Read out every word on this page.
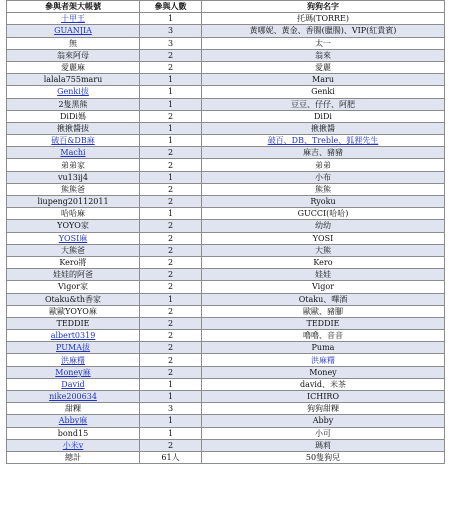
參與者架大帳號	參與人數	狗狗名字
十甲王	1	托瑪(TORRE)
GUANJIA	3	黃哪妮、黃金、香腸(臘腸)、VIP(紅貴賓)
無	3	太一
翁來阿母	2	翁來
愛麗麻	2	愛麗
lalala755maru	1	Maru
Genki拔	1	Genki
2隻黑熊	1	豆豆、仔仔、阿肥
DiDi媽	2	DiDi
揪揪醬拔	1	揪揪醬
破百&DB麻	1	破百、DB、Treble、狐狸先生
Machi	2	麻吉、豬豬
弟弟家	2	弟弟
vu13ij4	1	小布
熊熊爸	2	熊熊
liupeng20112011	2	Ryoku
哈哈麻	1	GUCCI(哈哈)
YOYO家	2	幼幼
YOSI麻	2	YOSI
大熊爸	2	大熊
Kero將	2	Kero
娃娃的阿爸	2	娃娃
Vigor家	2	Vigor
Otaku&th香家	1	Otaku、嗶酒
歐歐YOYO麻	2	歐歐、豬腳
TEDDIE	2	TEDDIE
albert0319	2	嚕嚕、音音
PUMA拔	2	Puma
洪麻糬	2	洪麻糬
Money麻	2	Money
David	1	david、米茶
nike200634	1	ICHIRO
甜粿	3	狗狗甜粿
Abby麻	1	Abby
bond15	1	小可
小米v	2	瑪莉
總計	61人	50隻狗兒
